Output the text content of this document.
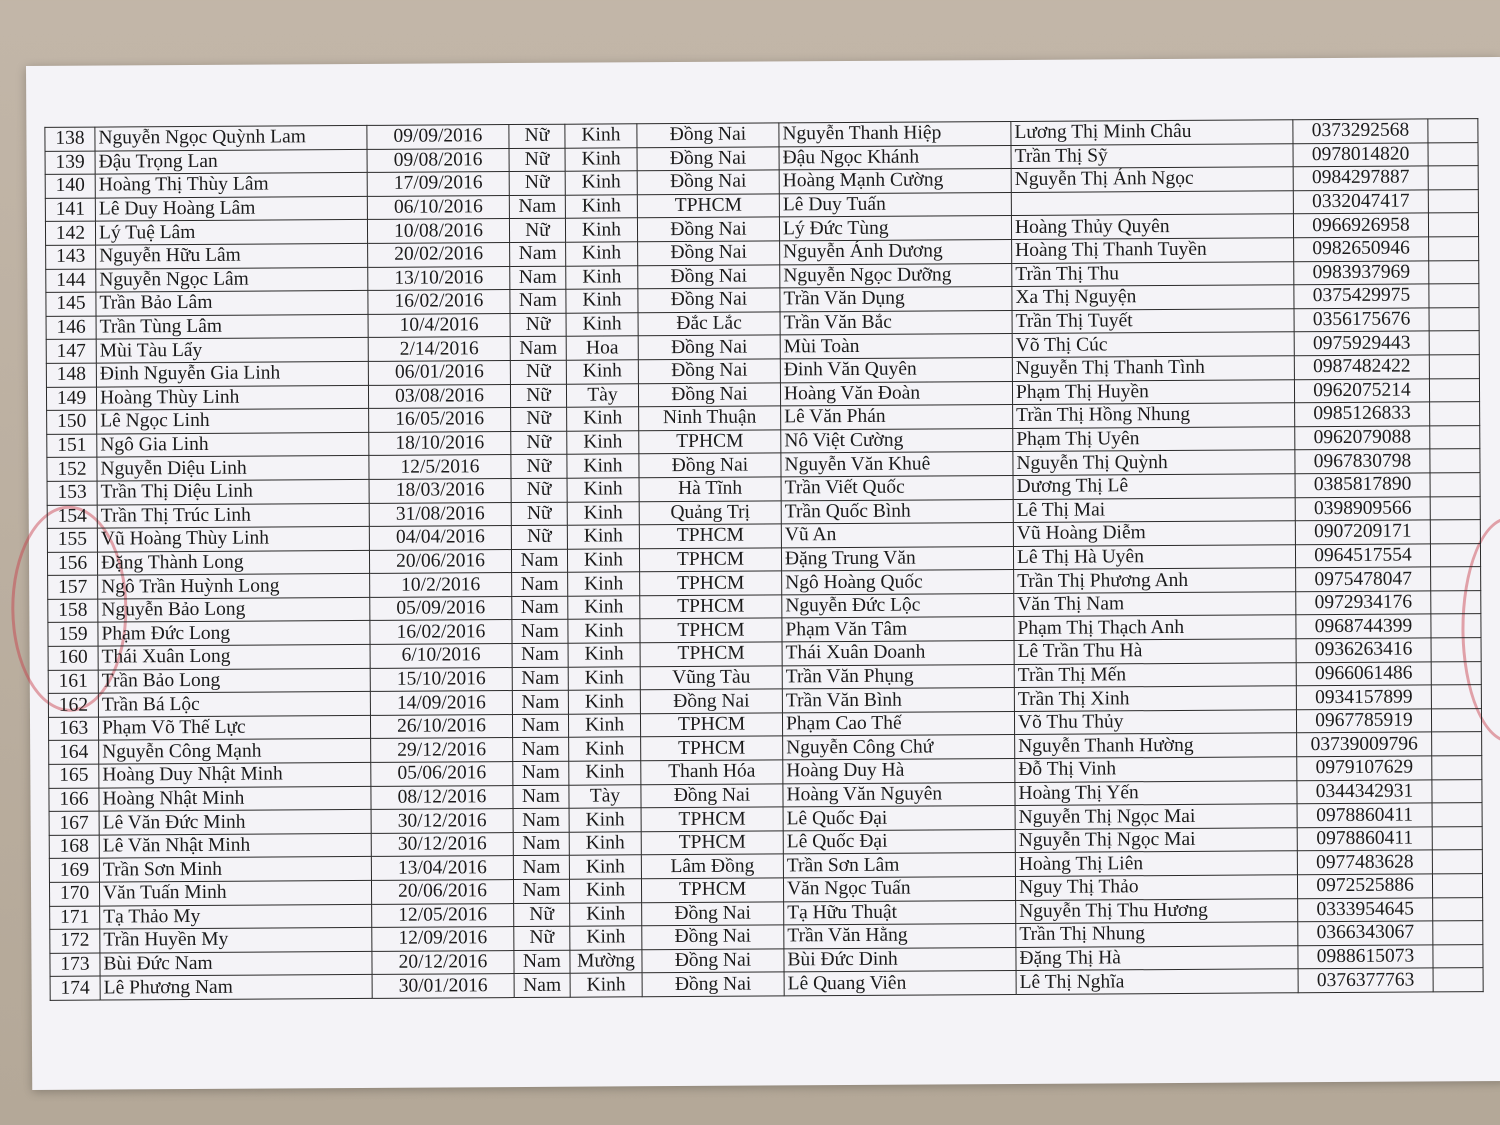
138	Nguyễn Ngọc Quỳnh Lam	09/09/2016	Nữ	Kinh	Đồng Nai	Nguyễn Thanh Hiệp	Lương Thị Minh Châu	0373292568	
139	Đậu Trọng Lan	09/08/2016	Nữ	Kinh	Đồng Nai	Đậu Ngọc Khánh	Trần Thị Sỹ	0978014820	
140	Hoàng Thị Thùy Lâm	17/09/2016	Nữ	Kinh	Đồng Nai	Hoàng Mạnh Cường	Nguyễn Thị Ánh Ngọc	0984297887	
141	Lê Duy Hoàng Lâm	06/10/2016	Nam	Kinh	TPHCM	Lê Duy Tuấn		0332047417	
142	Lý Tuệ Lâm	10/08/2016	Nữ	Kinh	Đồng Nai	Lý Đức Tùng	Hoàng Thủy Quyên	0966926958	
143	Nguyễn Hữu Lâm	20/02/2016	Nam	Kinh	Đồng Nai	Nguyễn Ánh Dương	Hoàng Thị Thanh Tuyền	0982650946	
144	Nguyễn Ngọc Lâm	13/10/2016	Nam	Kinh	Đồng Nai	Nguyễn Ngọc Dưỡng	Trần Thị Thu	0983937969	
145	Trần Bảo Lâm	16/02/2016	Nam	Kinh	Đồng Nai	Trần Văn Dụng	Xa Thị Nguyện	0375429975	
146	Trần Tùng Lâm	10/4/2016	Nữ	Kinh	Đắc Lắc	Trần Văn Bắc	Trần Thị Tuyết	0356175676	
147	Mùi Tàu Lẩy	2/14/2016	Nam	Hoa	Đồng Nai	Mùi Toàn	Võ Thị Cúc	0975929443	
148	Đinh Nguyễn Gia Linh	06/01/2016	Nữ	Kinh	Đồng Nai	Đinh Văn Quyên	Nguyễn Thị Thanh Tình	0987482422	
149	Hoàng Thùy Linh	03/08/2016	Nữ	Tày	Đồng Nai	Hoàng Văn Đoàn	Phạm Thị Huyền	0962075214	
150	Lê Ngọc Linh	16/05/2016	Nữ	Kinh	Ninh Thuận	Lê Văn Phán	Trần Thị Hồng Nhung	0985126833	
151	Ngô Gia Linh	18/10/2016	Nữ	Kinh	TPHCM	Nô Việt Cường	Phạm Thị Uyên	0962079088	
152	Nguyễn Diệu Linh	12/5/2016	Nữ	Kinh	Đồng Nai	Nguyễn Văn Khuê	Nguyễn Thị Quỳnh	0967830798	
153	Trần Thị Diệu Linh	18/03/2016	Nữ	Kinh	Hà Tĩnh	Trần Viết Quốc	Dương Thị Lê	0385817890	
154	Trần Thị Trúc Linh	31/08/2016	Nữ	Kinh	Quảng Trị	Trần Quốc Bình	Lê Thị Mai	0398909566	
155	Vũ Hoàng Thùy Linh	04/04/2016	Nữ	Kinh	TPHCM	Vũ An	Vũ Hoàng Diễm	0907209171	
156	Đặng Thành Long	20/06/2016	Nam	Kinh	TPHCM	Đặng Trung Văn	Lê Thị Hà Uyên	0964517554	
157	Ngô Trần Huỳnh Long	10/2/2016	Nam	Kinh	TPHCM	Ngô Hoàng Quốc	Trần Thị Phương Anh	0975478047	
158	Nguyễn Bảo Long	05/09/2016	Nam	Kinh	TPHCM	Nguyễn Đức Lộc	Văn Thị Nam	0972934176	
159	Phạm Đức Long	16/02/2016	Nam	Kinh	TPHCM	Phạm Văn Tâm	Phạm Thị Thạch Anh	0968744399	
160	Thái Xuân Long	6/10/2016	Nam	Kinh	TPHCM	Thái Xuân Doanh	Lê Trần Thu Hà	0936263416	
161	Trần Bảo Long	15/10/2016	Nam	Kinh	Vũng Tàu	Trần Văn Phụng	Trần Thị Mến	0966061486	
162	Trần Bá Lộc	14/09/2016	Nam	Kinh	Đồng Nai	Trần Văn Bình	Trần Thị Xinh	0934157899	
163	Phạm Võ Thế Lực	26/10/2016	Nam	Kinh	TPHCM	Phạm Cao Thế	Võ Thu Thủy	0967785919	
164	Nguyễn Công Mạnh	29/12/2016	Nam	Kinh	TPHCM	Nguyễn Công Chứ	Nguyễn Thanh Hường	03739009796	
165	Hoàng Duy Nhật Minh	05/06/2016	Nam	Kinh	Thanh Hóa	Hoàng Duy Hà	Đỗ Thị Vinh	0979107629	
166	Hoàng Nhật Minh	08/12/2016	Nam	Tày	Đồng Nai	Hoàng Văn Nguyên	Hoàng Thị Yến	0344342931	
167	Lê Văn Đức Minh	30/12/2016	Nam	Kinh	TPHCM	Lê Quốc Đại	Nguyễn Thị Ngọc Mai	0978860411	
168	Lê Văn Nhật Minh	30/12/2016	Nam	Kinh	TPHCM	Lê Quốc Đại	Nguyễn Thị Ngọc Mai	0978860411	
169	Trần Sơn Minh	13/04/2016	Nam	Kinh	Lâm Đồng	Trần Sơn Lâm	Hoàng Thị Liên	0977483628	
170	Văn Tuấn Minh	20/06/2016	Nam	Kinh	TPHCM	Văn Ngọc Tuấn	Nguy Thị Thảo	0972525886	
171	Tạ Thảo My	12/05/2016	Nữ	Kinh	Đồng Nai	Tạ Hữu Thuật	Nguyễn Thị Thu Hương	0333954645	
172	Trần Huyền My	12/09/2016	Nữ	Kinh	Đồng Nai	Trần Văn Hằng	Trần Thị Nhung	0366343067	
173	Bùi Đức Nam	20/12/2016	Nam	Mường	Đồng Nai	Bùi Đức Dinh	Đặng Thị Hà	0988615073	
174	Lê Phương Nam	30/01/2016	Nam	Kinh	Đồng Nai	Lê Quang Viên	Lê Thị Nghĩa	0376377763	
